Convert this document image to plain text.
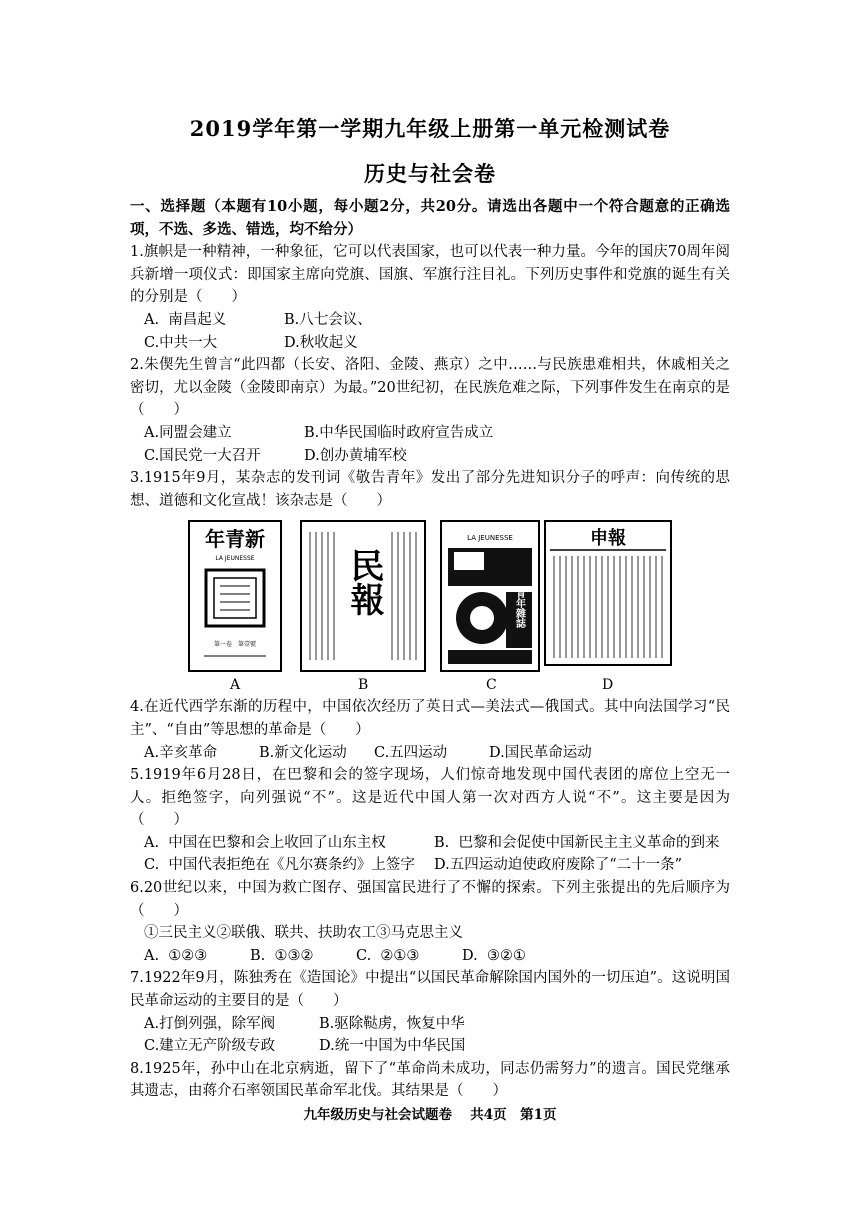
2019学年第一学期九年级上册第一单元检测试卷
历史与社会卷

一、选择题（本题有10小题，每小题2分，共20分。请选出各题中一个符合题意的正确选项，不选、多选、错选，均不给分）

1.旗帜是一种精神，一种象征，它可以代表国家，也可以代表一种力量。今年的国庆70周年阅兵新增一项仪式：即国家主席向党旗、国旗、军旗行注目礼。下列历史事件和党旗的诞生有关的分别是（　　）

A.  南昌起义	B.八七会议、

C.中共一大	D.秋收起义

2.朱偰先生曾言“此四都（长安、洛阳、金陵、燕京）之中……与民族患难相共，休戚相关之密切，尤以金陵（金陵即南京）为最。”20世纪初，在民族危难之际，下列事件发生在南京的是（　　）

A.同盟会建立	B.中华民国临时政府宣告成立

C.国民党一大召开	D.创办黄埔军校

3.1915年9月，某杂志的发刊词《敬告青年》发出了部分先进知识分子的呼声：向传统的思想、道德和文化宣战！该杂志是（　　）

年青新
LA JEUNESSE
第一卷　第壹號
民報
LA JEUNESSE
青年雜誌
申報
A	B	C	D

4.在近代西学东渐的历程中，中国依次经历了英日式—美法式—俄国式。其中向法国学习“民主”、“自由”等思想的革命是（　　）

A.辛亥革命	B.新文化运动 C.五四运动	D.国民革命运动

5.1919年6月28日，在巴黎和会的签字现场，人们惊奇地发现中国代表团的席位上空无一人。拒绝签字，向列强说“不”。这是近代中国人第一次对西方人说“不”。这主要是因为（　　）

A.  中国在巴黎和会上收回了山东主权	B.  巴黎和会促使中国新民主主义革命的到来

C.  中国代表拒绝在《凡尔赛条约》上签字 D.五四运动迫使政府废除了“二十一条”

6.20世纪以来，中国为救亡图存、强国富民进行了不懈的探索。下列主张提出的先后顺序为（　　）

①三民主义②联俄、联共、扶助农工③马克思主义

A.  ①②③	B.  ①③②	C.  ②①③	D.  ③②①

7.1922年9月，陈独秀在《造国论》中提出“以国民革命解除国内国外的一切压迫”。这说明国民革命运动的主要目的是（　　）

A.打倒列强，除军阀	B.驱除鞑虏，恢复中华

C.建立无产阶级专政	D.统一中国为中华民国

8.1925年，孙中山在北京病逝，留下了“革命尚未成功，同志仍需努力”的遗言。国民党继承其遗志，由蒋介石率领国民革命军北伐。其结果是（　　）

九年级历史与社会试题卷　 共4页　第1页
